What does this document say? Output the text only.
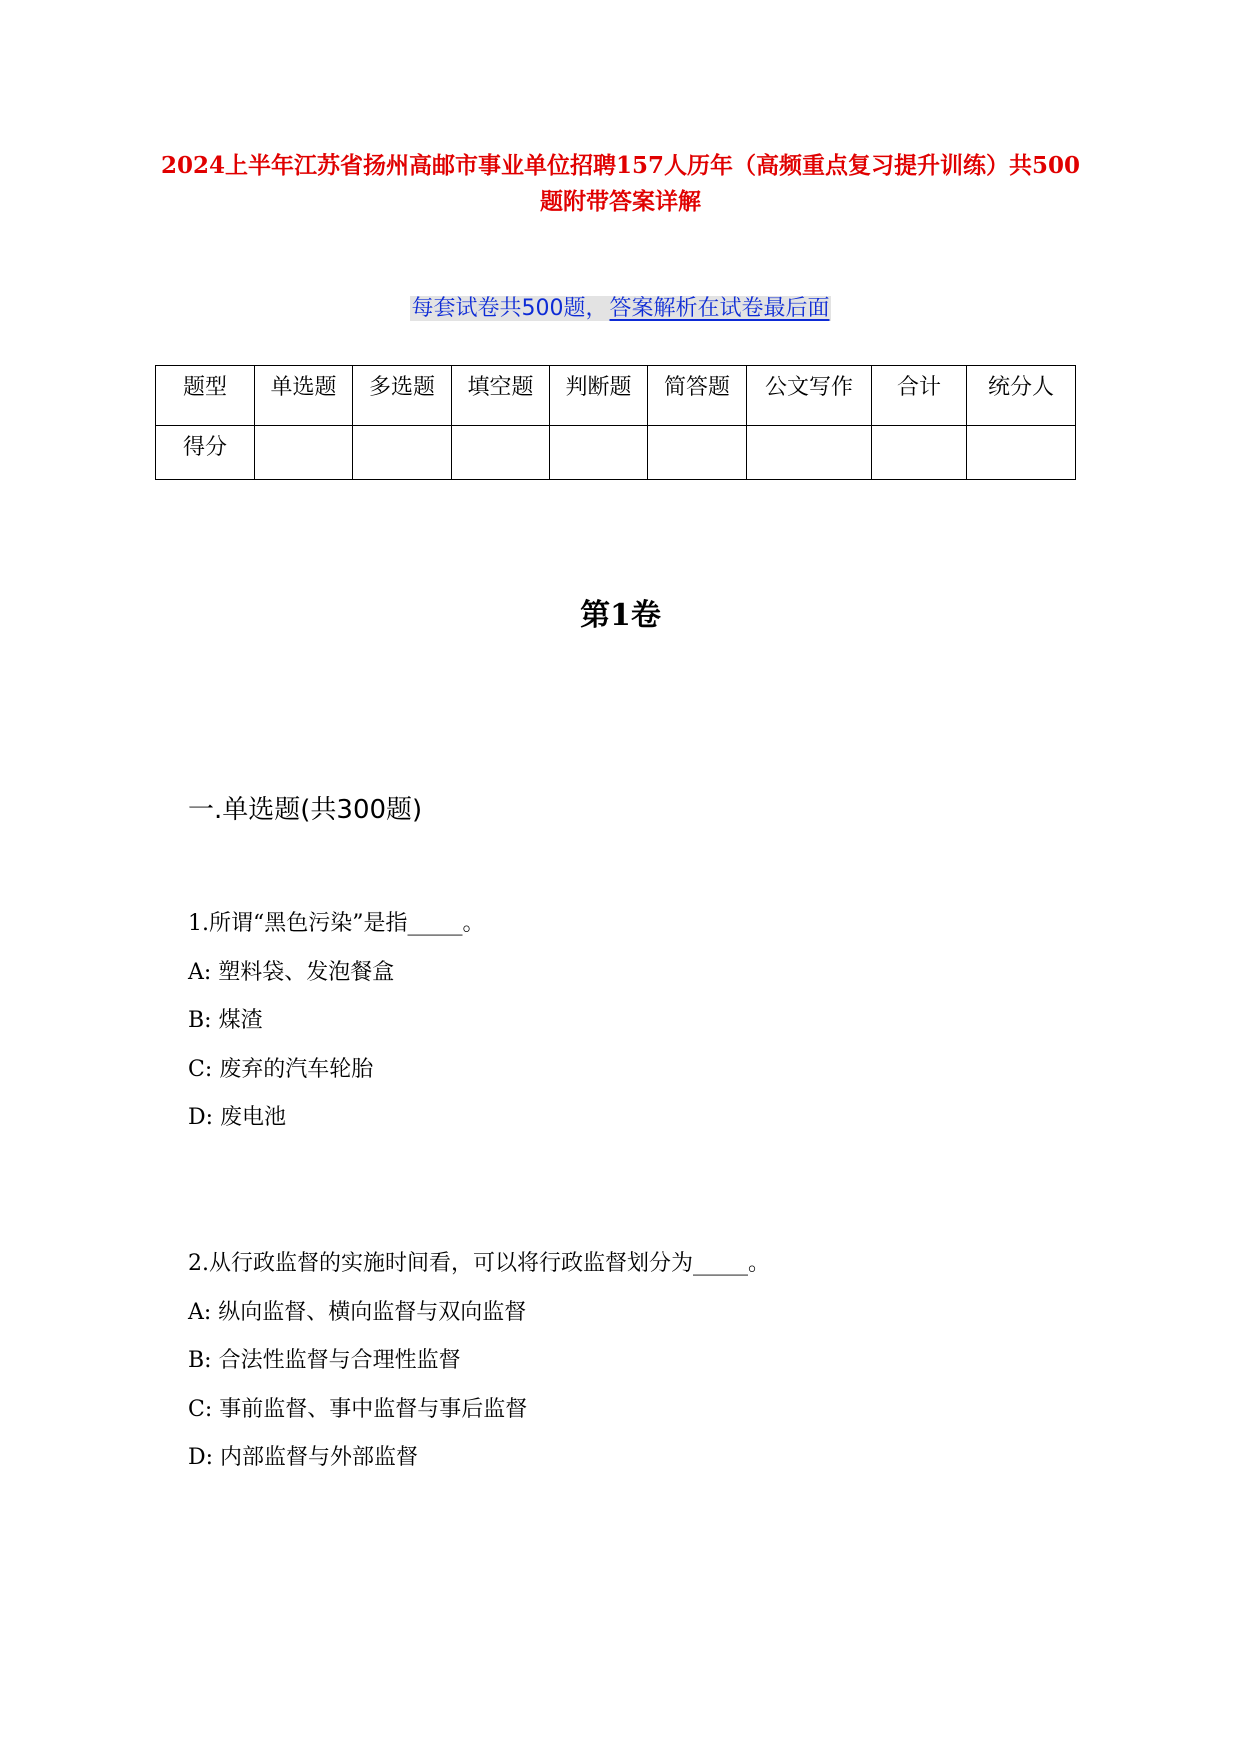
2024上半年江苏省扬州高邮市事业单位招聘157人历年（高频重点复习提升训练）共500题附带答案详解
每套试卷共500题，答案解析在试卷最后面
题型	单选题	多选题	填空题	判断题	简答题	公文写作	合计	统分人
得分								
第1卷
一.单选题(共300题)
1.所谓“黑色污染”是指_____。
A: 塑料袋、发泡餐盒
B: 煤渣
C: 废弃的汽车轮胎
D: 废电池
2.从行政监督的实施时间看，可以将行政监督划分为_____。
A: 纵向监督、横向监督与双向监督
B: 合法性监督与合理性监督
C: 事前监督、事中监督与事后监督
D: 内部监督与外部监督
